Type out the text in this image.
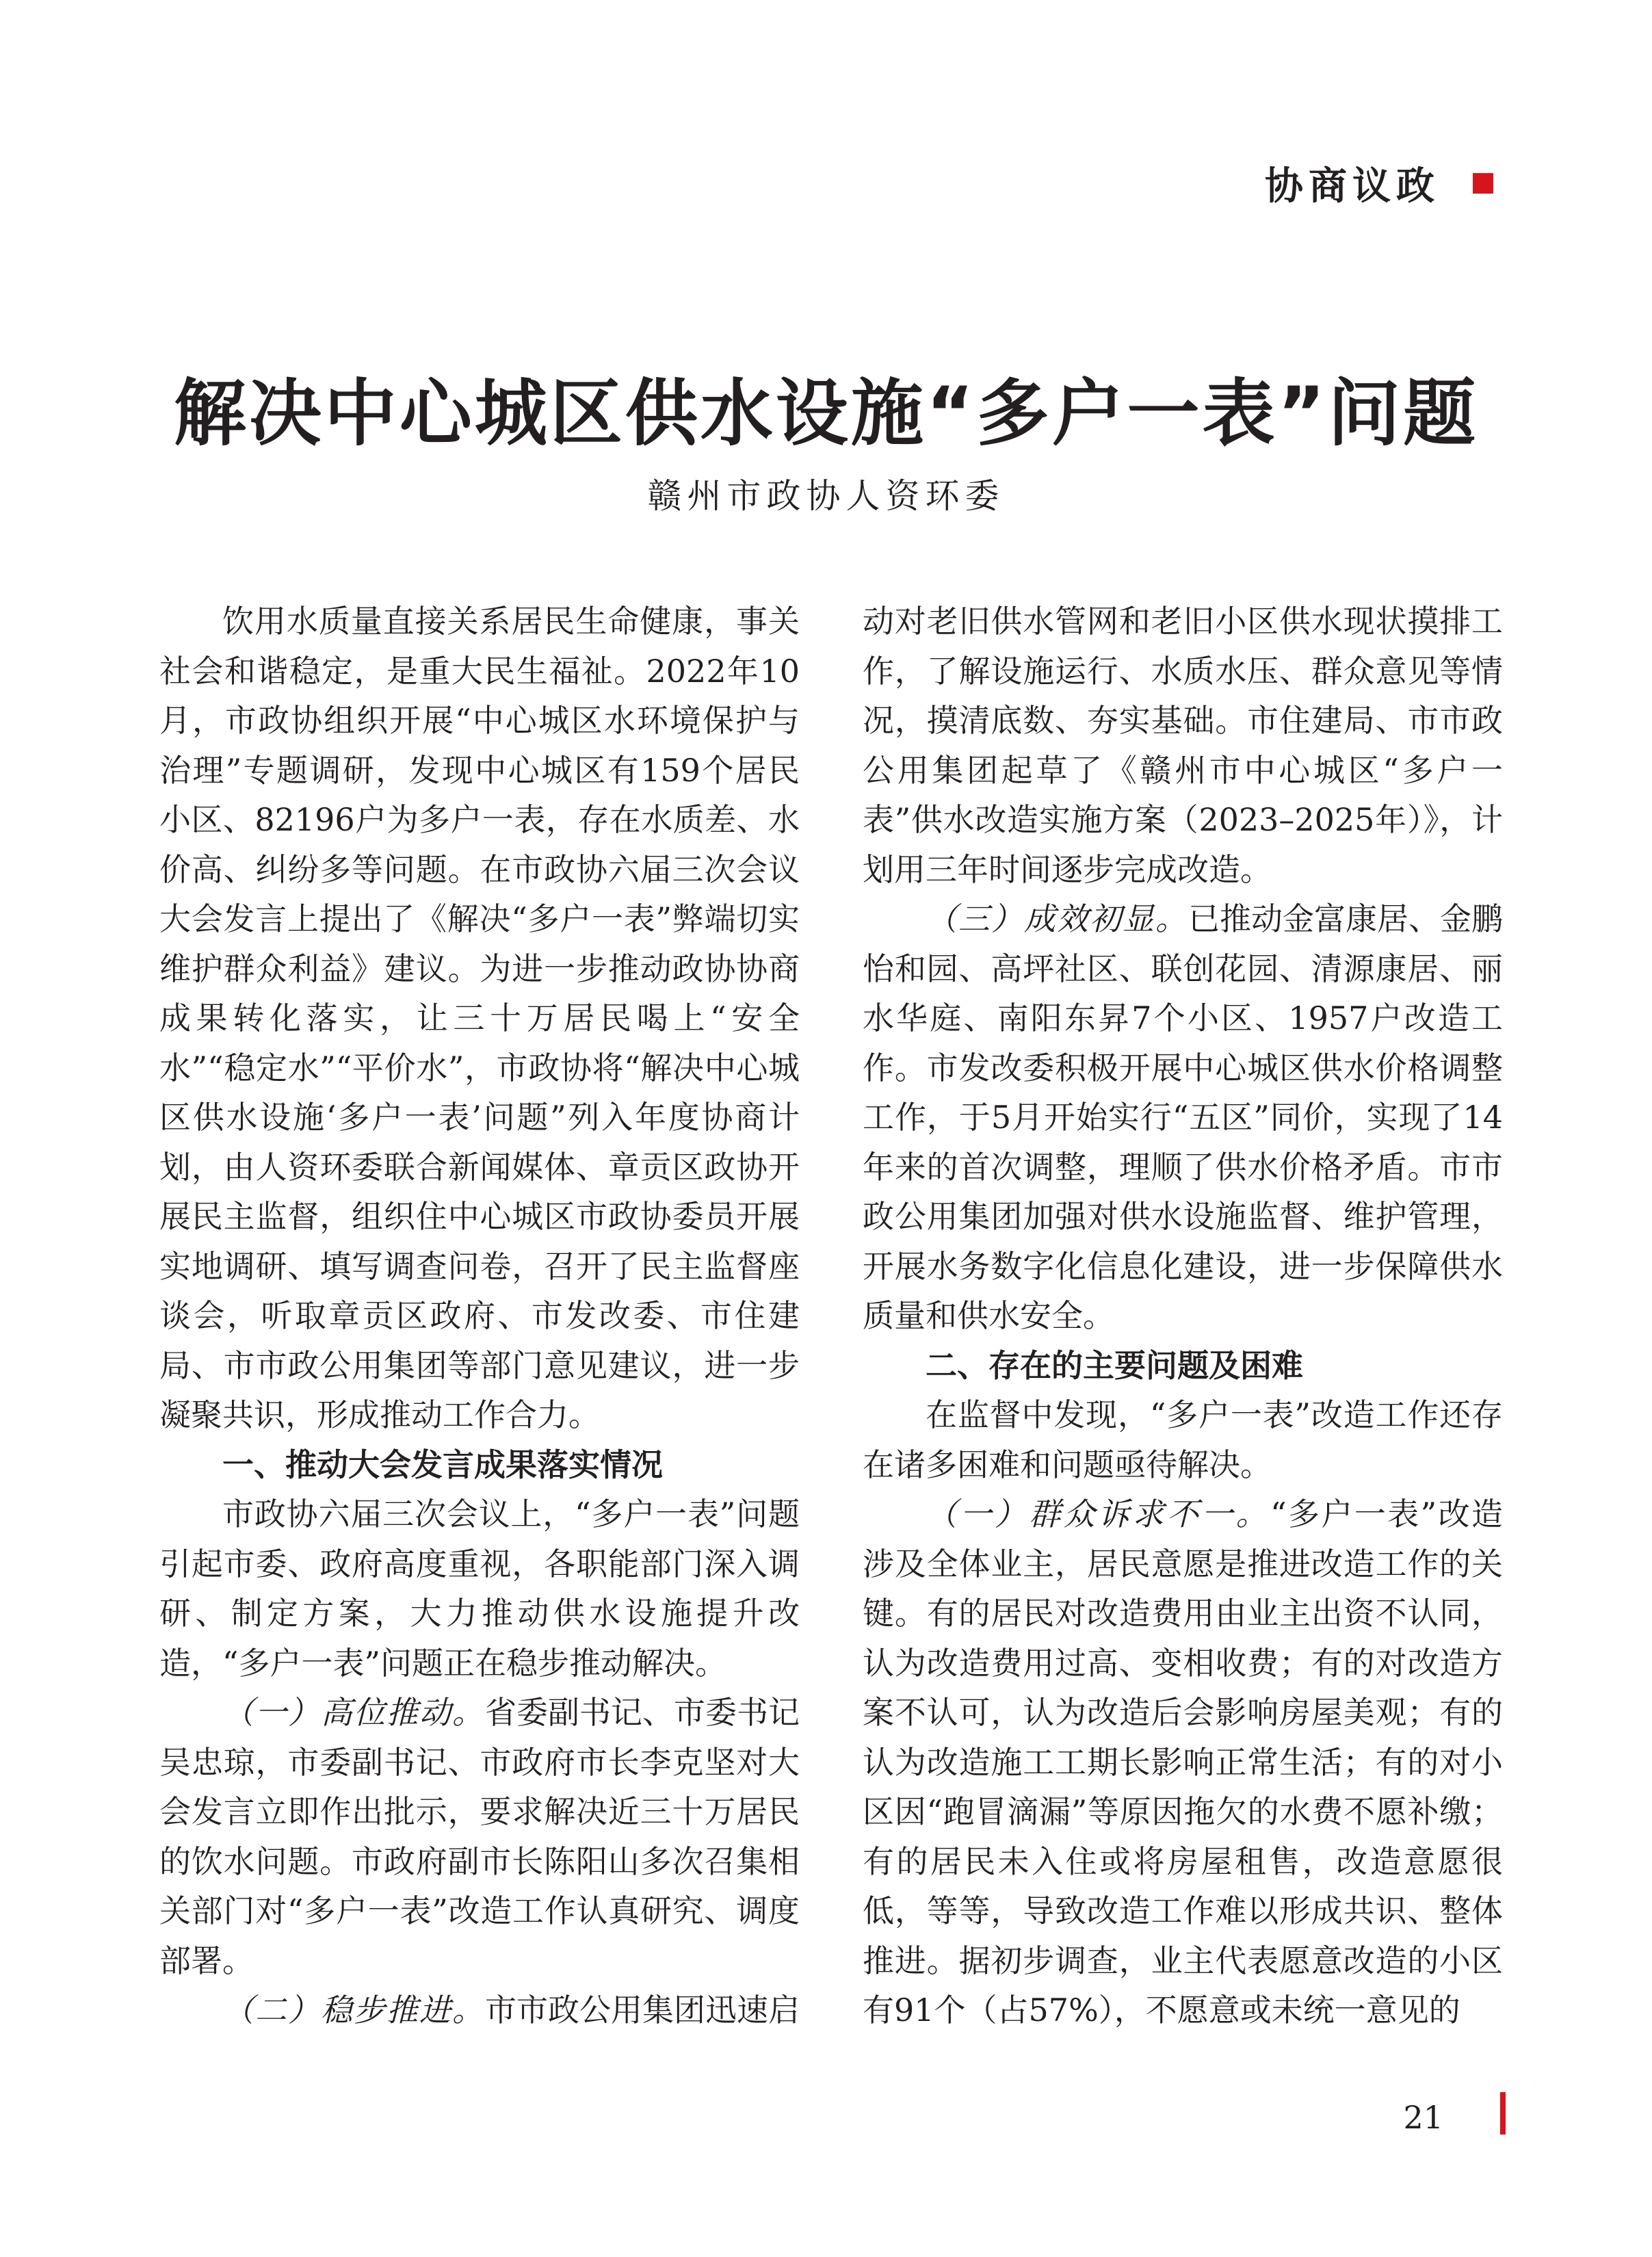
协商议政
解决中心城区供水设施“多户一表”问题
赣州市政协人资环委

饮用水质量直接关系居民生命健康，事关社会和谐稳定，是重大民生福祉。2022年10月，市政协组织开展“中心城区水环境保护与治理”专题调研，发现中心城区有159个居民小区、82196户为多户一表，存在水质差、水价高、纠纷多等问题。在市政协六届三次会议大会发言上提出了《解决“多户一表”弊端切实维护群众利益》建议。为进一步推动政协协商成果转化落实，让三十万居民喝上“安全水”“稳定水”“平价水”，市政协将“解决中心城区供水设施‘多户一表’问题”列入年度协商计划，由人资环委联合新闻媒体、章贡区政协开展民主监督，组织住中心城区市政协委员开展实地调研、填写调查问卷，召开了民主监督座谈会，听取章贡区政府、市发改委、市住建局、市市政公用集团等部门意见建议，进一步凝聚共识，形成推动工作合力。

一、推动大会发言成果落实情况

市政协六届三次会议上，“多户一表”问题引起市委、政府高度重视，各职能部门深入调研、制定方案，大力推动供水设施提升改造，“多户一表”问题正在稳步推动解决。

（一）高位推动。省委副书记、市委书记吴忠琼，市委副书记、市政府市长李克坚对大会发言立即作出批示，要求解决近三十万居民的饮水问题。市政府副市长陈阳山多次召集相关部门对“多户一表”改造工作认真研究、调度部署。

（二）稳步推进。市市政公用集团迅速启

动对老旧供水管网和老旧小区供水现状摸排工作，了解设施运行、水质水压、群众意见等情况，摸清底数、夯实基础。市住建局、市市政公用集团起草了《赣州市中心城区“多户一表”供水改造实施方案（2023–2025年）》，计划用三年时间逐步完成改造。

（三）成效初显。已推动金富康居、金鹏怡和园、高坪社区、联创花园、清源康居、丽水华庭、南阳东昇7个小区、1957户改造工作。市发改委积极开展中心城区供水价格调整工作，于5月开始实行“五区”同价，实现了14年来的首次调整，理顺了供水价格矛盾。市市政公用集团加强对供水设施监督、维护管理，开展水务数字化信息化建设，进一步保障供水质量和供水安全。

二、存在的主要问题及困难

在监督中发现，“多户一表”改造工作还存在诸多困难和问题亟待解决。

（一）群众诉求不一。“多户一表”改造涉及全体业主，居民意愿是推进改造工作的关键。有的居民对改造费用由业主出资不认同，认为改造费用过高、变相收费；有的对改造方案不认可，认为改造后会影响房屋美观；有的认为改造施工工期长影响正常生活；有的对小区因“跑冒滴漏”等原因拖欠的水费不愿补缴；有的居民未入住或将房屋租售，改造意愿很低，等等，导致改造工作难以形成共识、整体推进。据初步调查，业主代表愿意改造的小区有91个（占57%），不愿意或未统一意见的

21
